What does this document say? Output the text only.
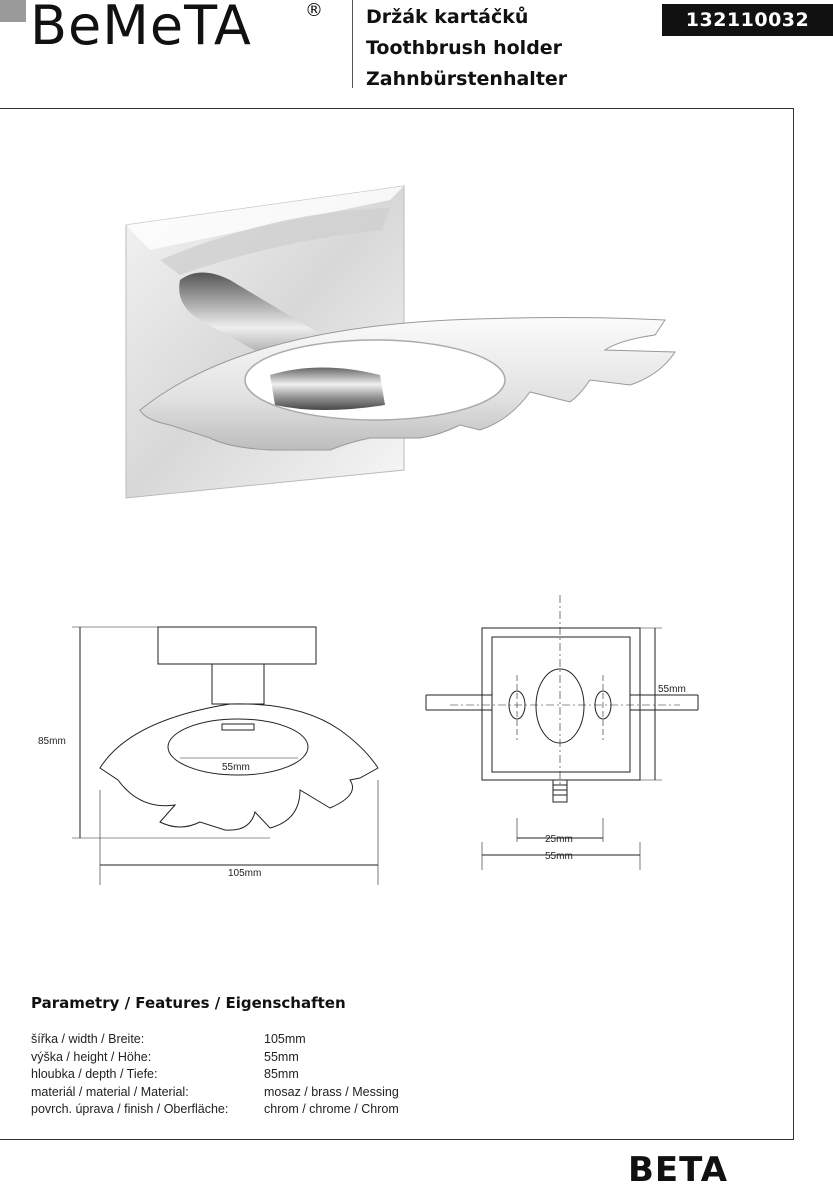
BeMeTA	® Držák kartáčků
Toothbrush holder
Zahnbürstenhalter
132110032
85mm
55mm
105mm
55mm
25mm
55mm
Parametry / Features / Eigenschaften
šířka / width / Breite:	105mm
výška / height / Höhe:	55mm
hloubka / depth / Tiefe:	85mm
materiál / material / Material:	mosaz / brass / Messing
povrch. úprava / finish / Oberfläche:	chrom / chrome / Chrom
BETA
